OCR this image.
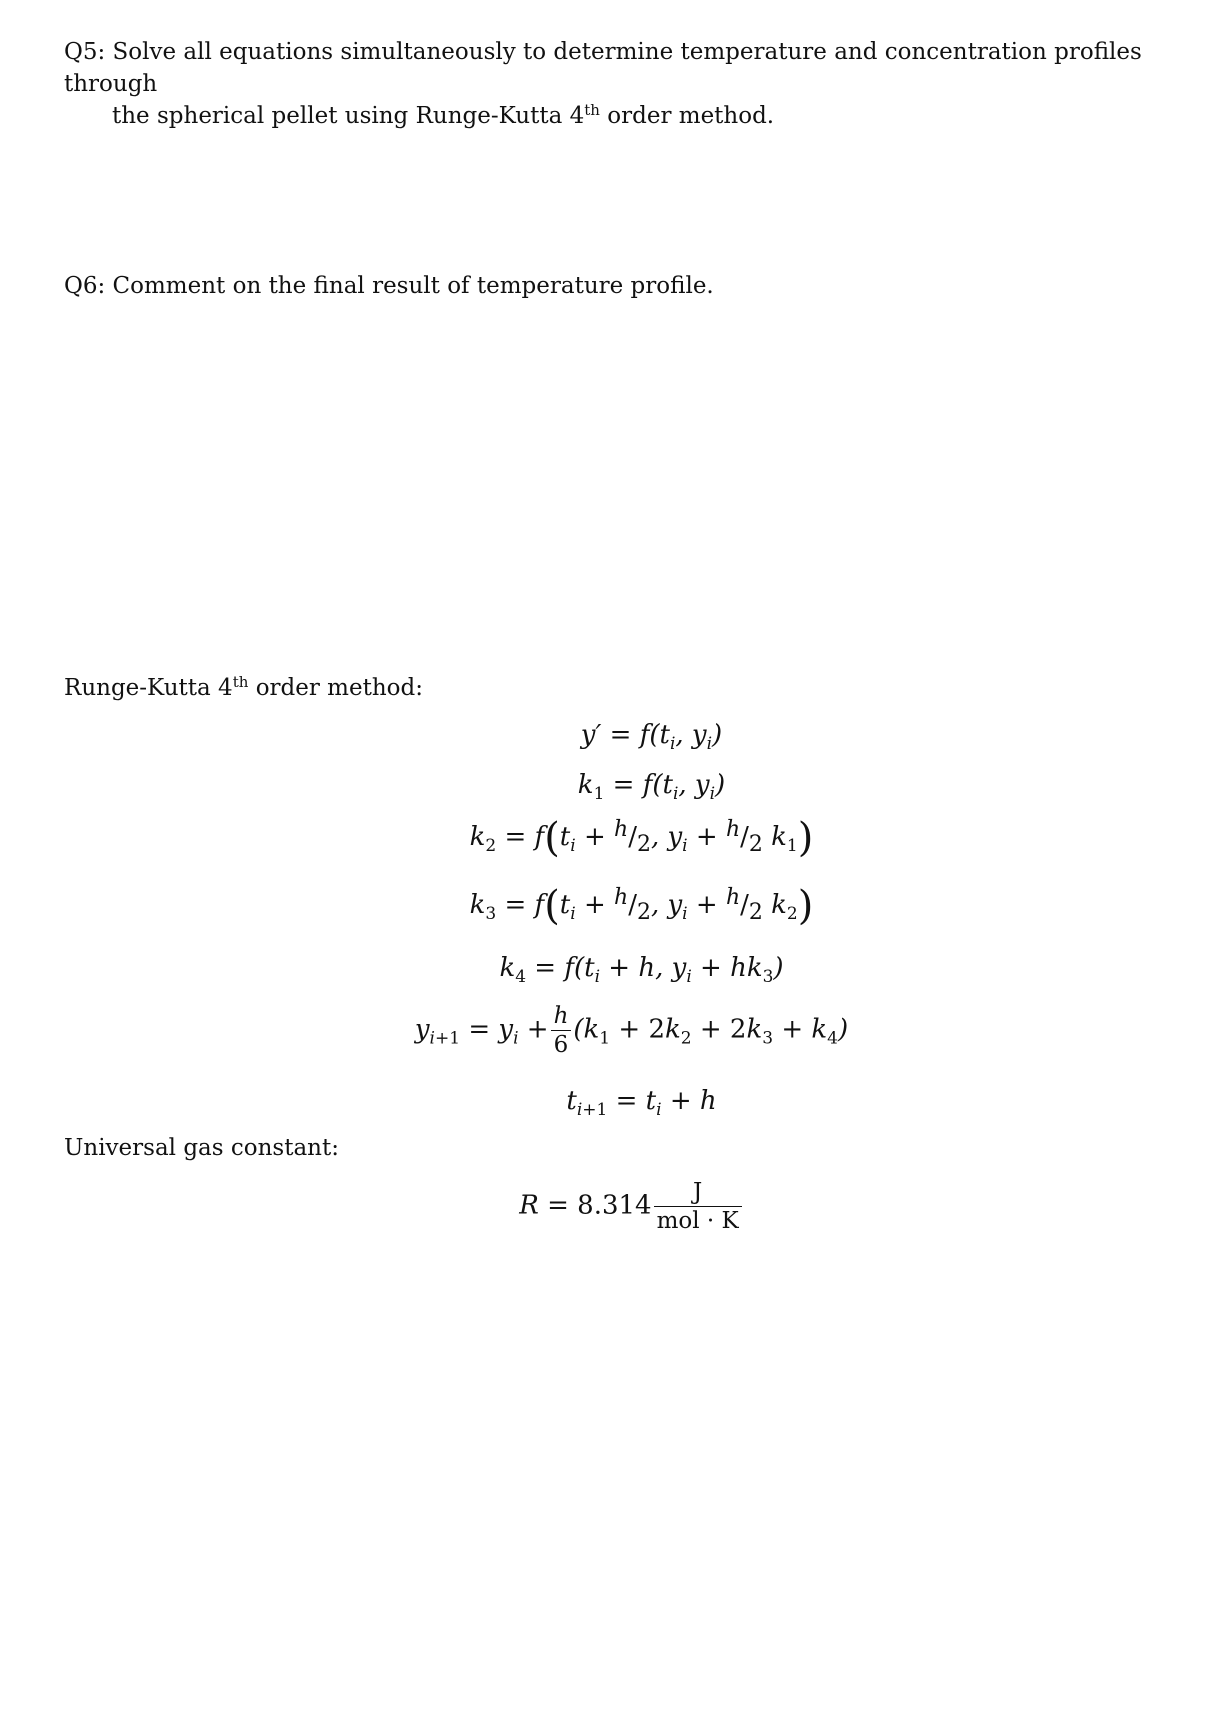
Q5: Solve all equations simultaneously to determine temperature and concentration profiles through
the spherical pellet using Runge-Kutta 4th order method.
Q6: Comment on the final result of temperature profile.
Runge-Kutta 4th order method:
$y' = f(t_i$, $y_i$)
$k_1 = f(t_i$, $y_i$)
$k_2 = f(t_i + ^h/_2$, $y_i + ^h/_2$ $k_1$)
$k_3 = f(t_i + ^h/_2$, $y_i + ^h/_2$ $k_2$)
$k_4 = f(t_i + h$, $y_i + hk_3$)
$y_{i+1} = y_i + \frac{h}{6} (k_1 + 2k_2 + 2k_3 + k_4)$
$t_{i+1} = t_i + h$
Universal gas constant:
$R = 8.314 \frac{J}{\text{mol · K}}$
